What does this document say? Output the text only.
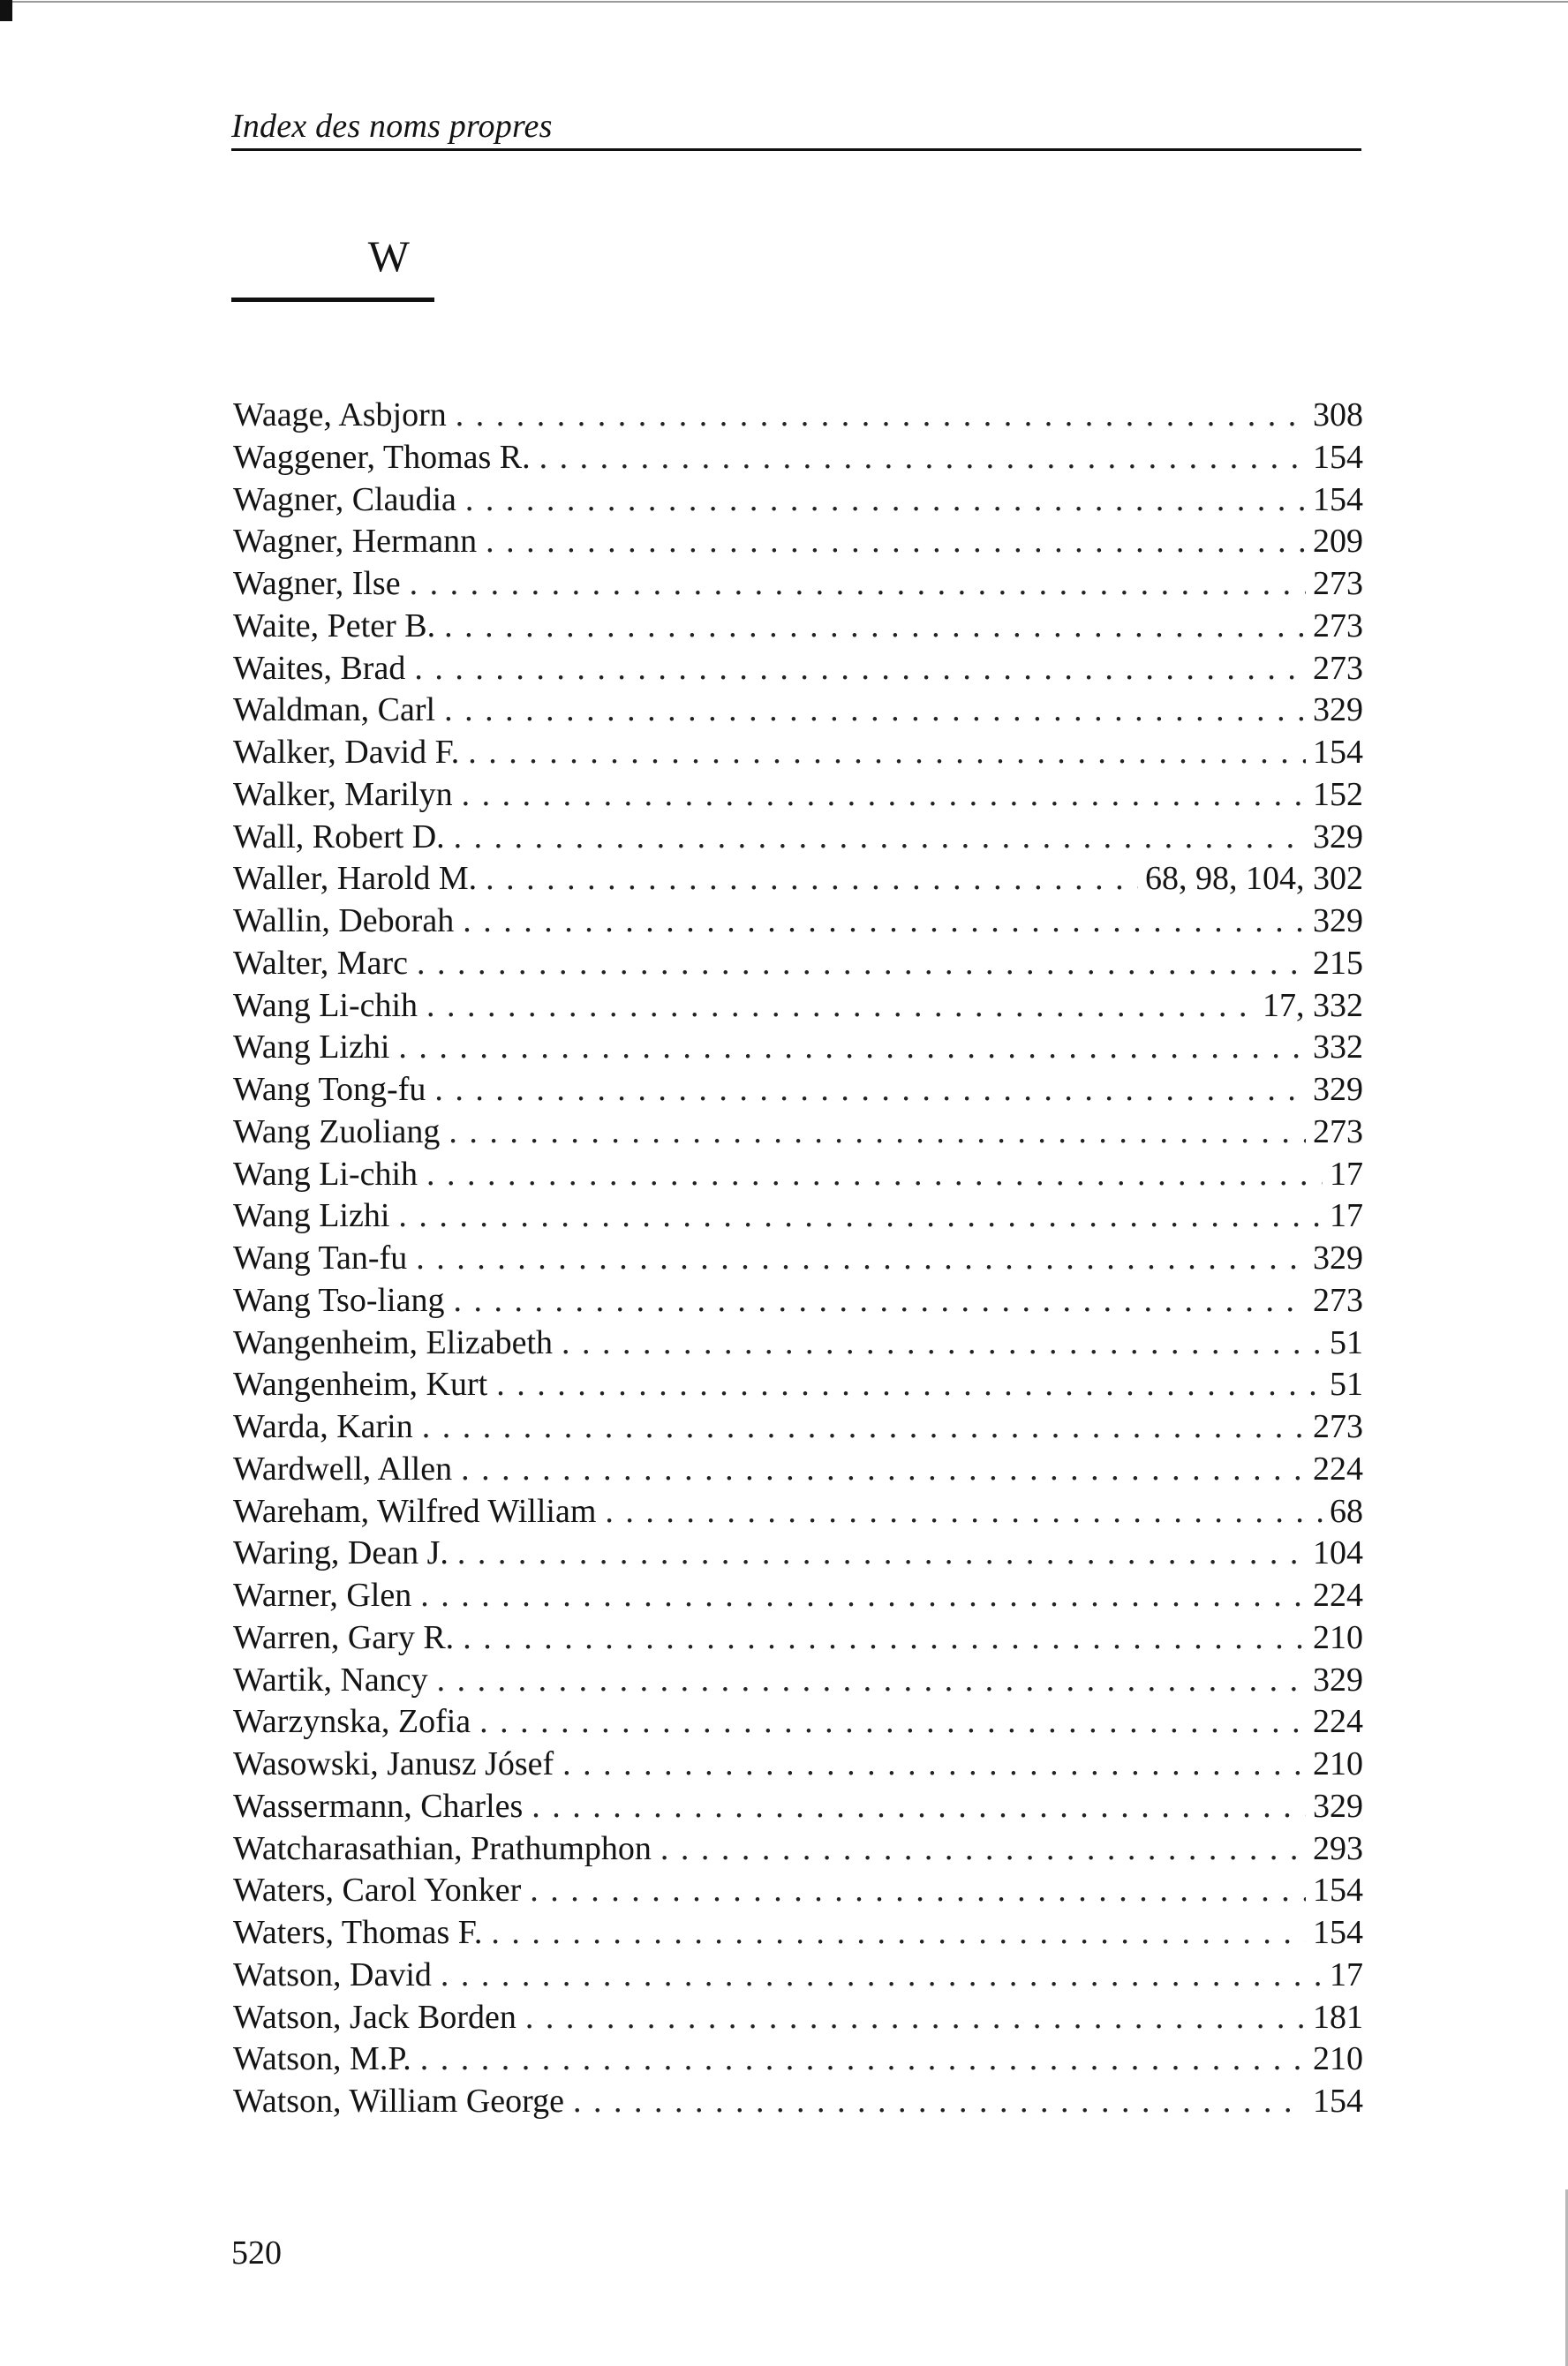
Index des noms propres
W
Waage, Asbjorn . . .	308
Waggener, Thomas R. . . .	154
Wagner, Claudia . . .	154
Wagner, Hermann . . .	209
Wagner, Ilse . . .	273
Waite, Peter B. . . .	273
Waites, Brad . . .	273
Waldman, Carl . . .	329
Walker, David F. . . .	154
Walker, Marilyn . . .	152
Wall, Robert D. . . .	329
Waller, Harold M. . . .	68, 98, 104, 302
Wallin, Deborah . . .	329
Walter, Marc . . .	215
Wang Li-chih . . .	17, 332
Wang Lizhi . . .	332
Wang Tong-fu . . .	329
Wang Zuoliang . . .	273
Wang Li-chih . . .	17
Wang Lizhi . . .	17
Wang Tan-fu . . .	329
Wang Tso-liang . . .	273
Wangenheim, Elizabeth . . .	51
Wangenheim, Kurt . . .	51
Warda, Karin . . .	273
Wardwell, Allen . . .	224
Wareham, Wilfred William . . .	68
Waring, Dean J. . . .	104
Warner, Glen . . .	224
Warren, Gary R. . . .	210
Wartik, Nancy . . .	329
Warzynska, Zofia . . .	224
Wasowski, Janusz Jósef . . .	210
Wassermann, Charles . . .	329
Watcharasathian, Prathumphon . . .	293
Waters, Carol Yonker . . .	154
Waters, Thomas F. . . .	154
Watson, David . . .	17
Watson, Jack Borden . . .	181
Watson, M.P. . . .	210
Watson, William George . . .	154
520
